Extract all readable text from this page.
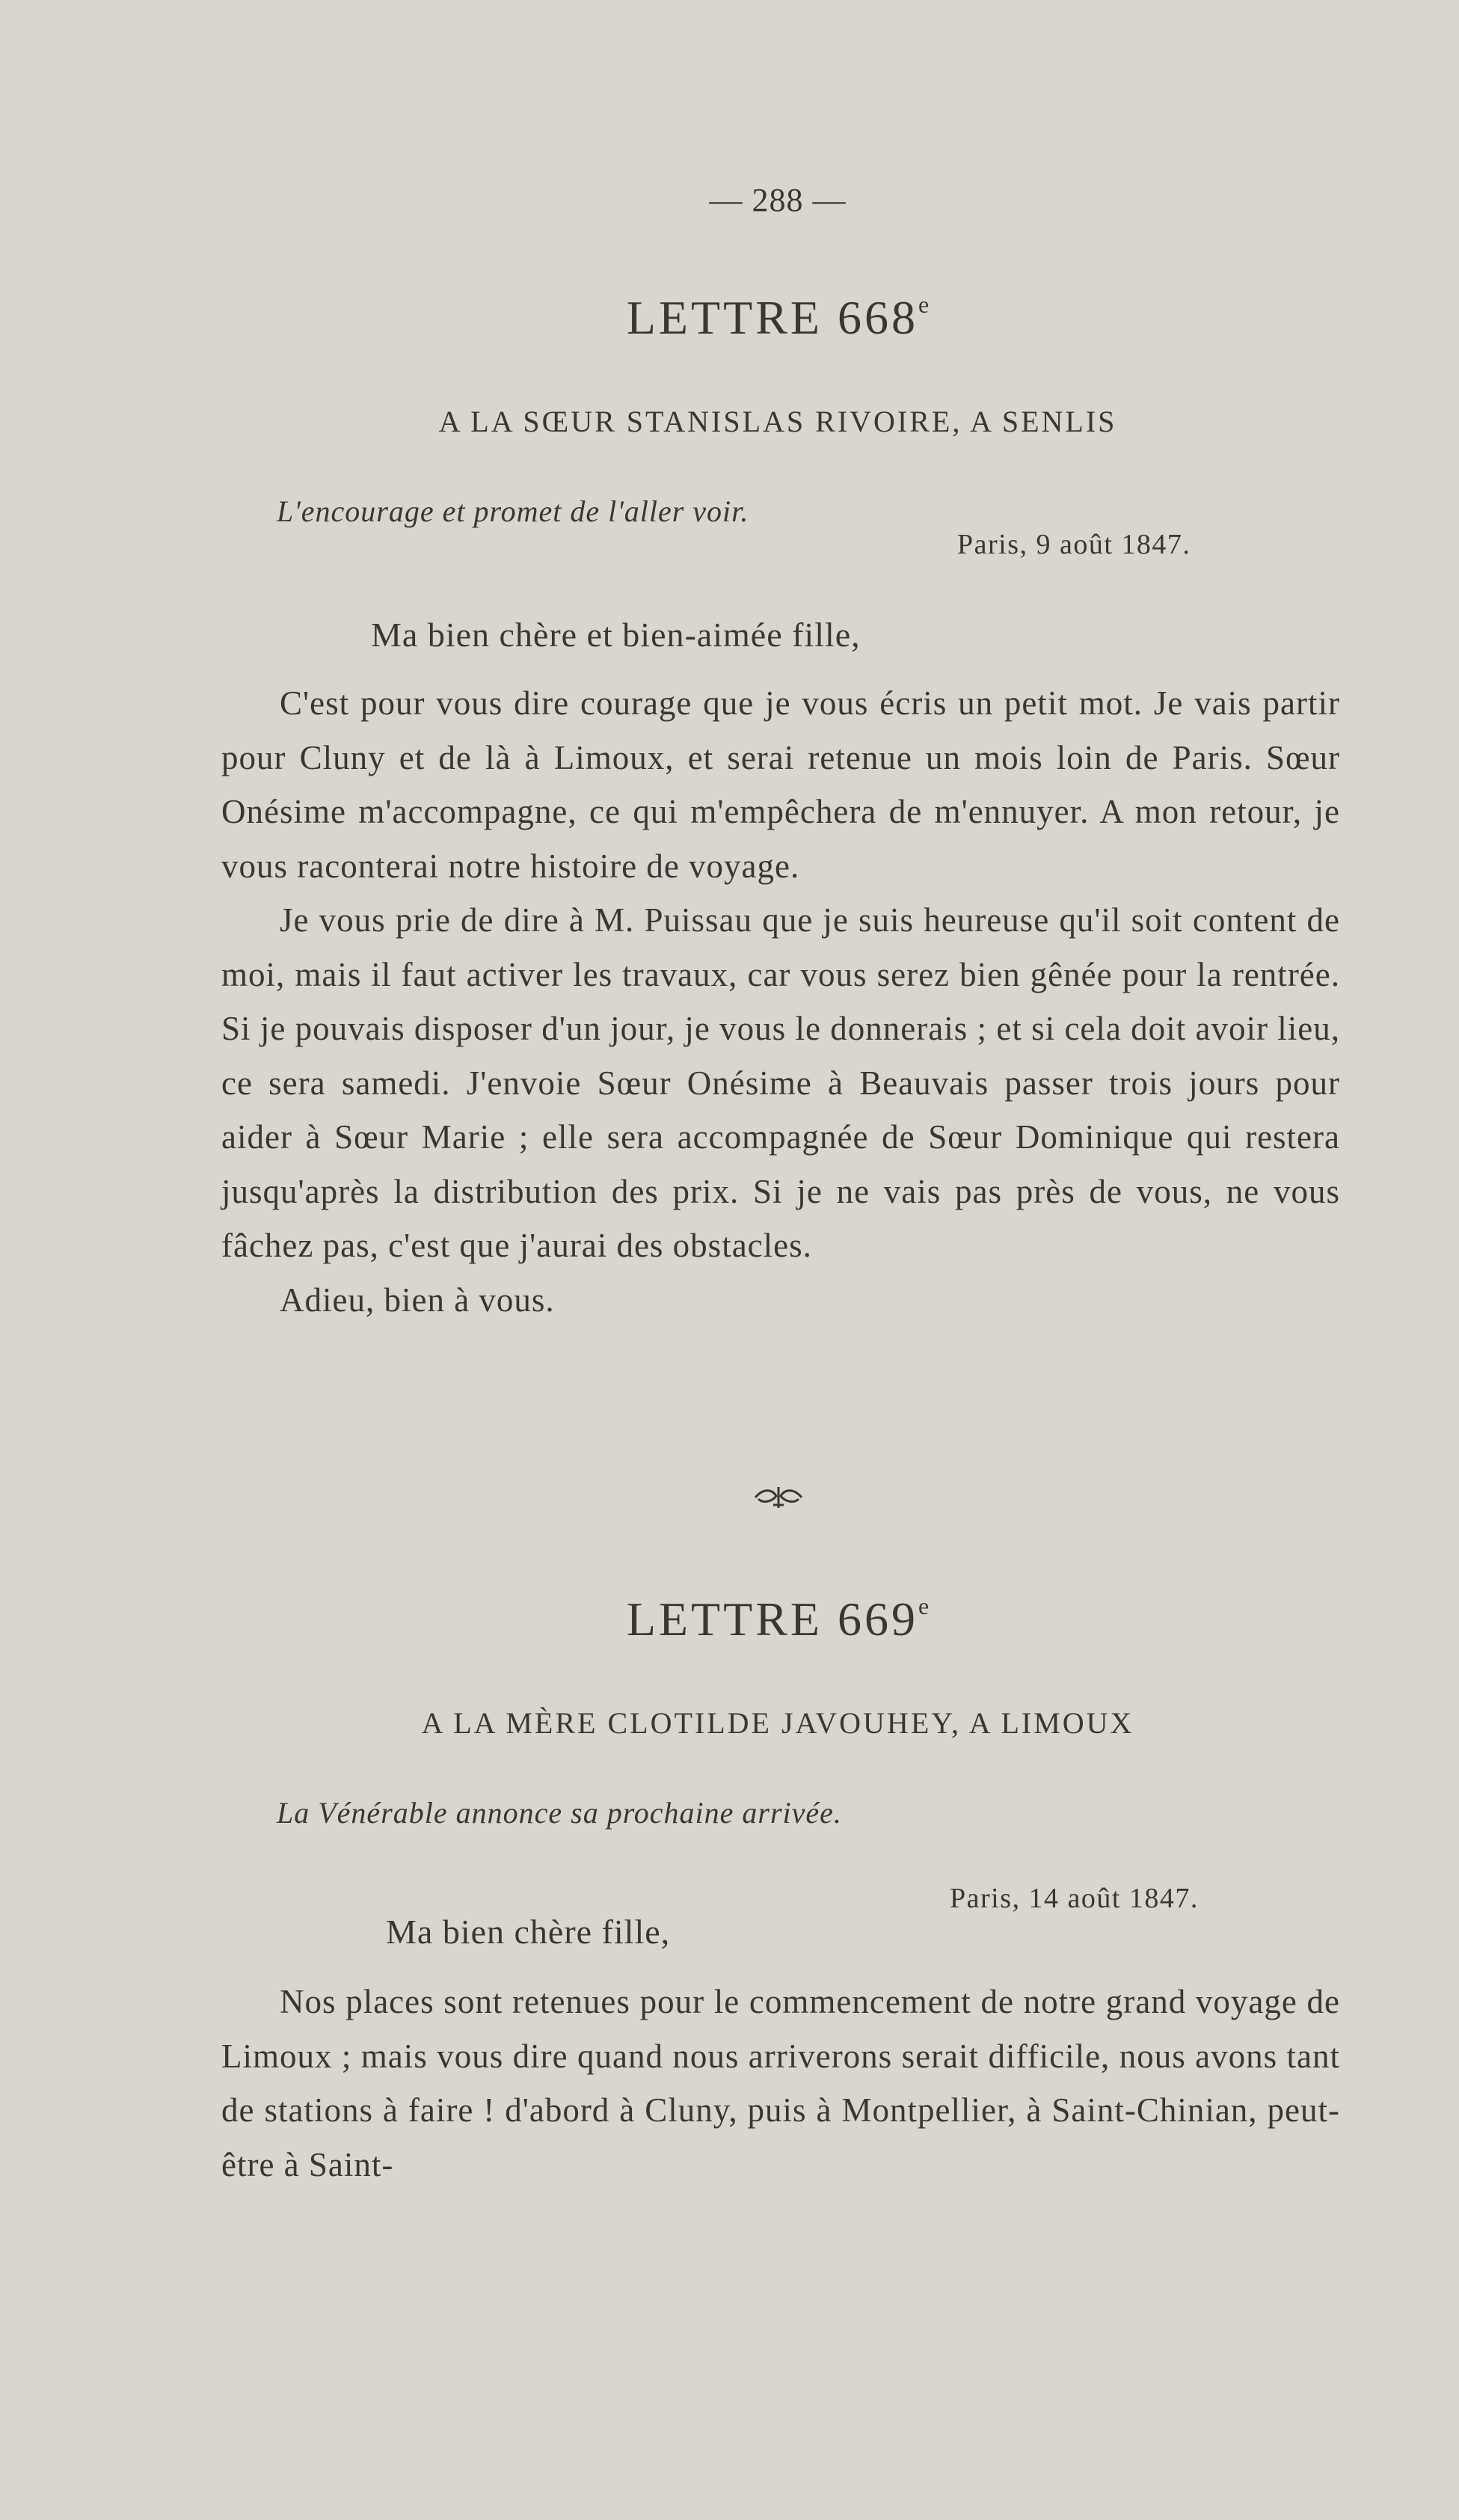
— 288 —
LETTRE 668e
A LA SŒUR STANISLAS RIVOIRE, A SENLIS
L'encourage et promet de l'aller voir.
Paris, 9 août 1847.
Ma bien chère et bien-aimée fille,

C'est pour vous dire courage que je vous écris un petit mot. Je vais partir pour Cluny et de là à Limoux, et serai retenue un mois loin de Paris. Sœur Onésime m'accompagne, ce qui m'empêchera de m'ennuyer. A mon retour, je vous raconterai notre histoire de voyage.

Je vous prie de dire à M. Puissau que je suis heureuse qu'il soit content de moi, mais il faut activer les travaux, car vous serez bien gênée pour la rentrée. Si je pouvais disposer d'un jour, je vous le donnerais ; et si cela doit avoir lieu, ce sera samedi. J'envoie Sœur Onésime à Beauvais passer trois jours pour aider à Sœur Marie ; elle sera accompagnée de Sœur Dominique qui restera jusqu'après la distribution des prix. Si je ne vais pas près de vous, ne vous fâchez pas, c'est que j'aurai des obstacles.

Adieu, bien à vous.

LETTRE 669e
A LA MÈRE CLOTILDE JAVOUHEY, A LIMOUX
La Vénérable annonce sa prochaine arrivée.
Paris, 14 août 1847.
Ma bien chère fille,

Nos places sont retenues pour le commencement de notre grand voyage de Limoux ; mais vous dire quand nous arriverons serait difficile, nous avons tant de stations à faire ! d'abord à Cluny, puis à Montpellier, à Saint-Chinian, peut-être à Saint-
